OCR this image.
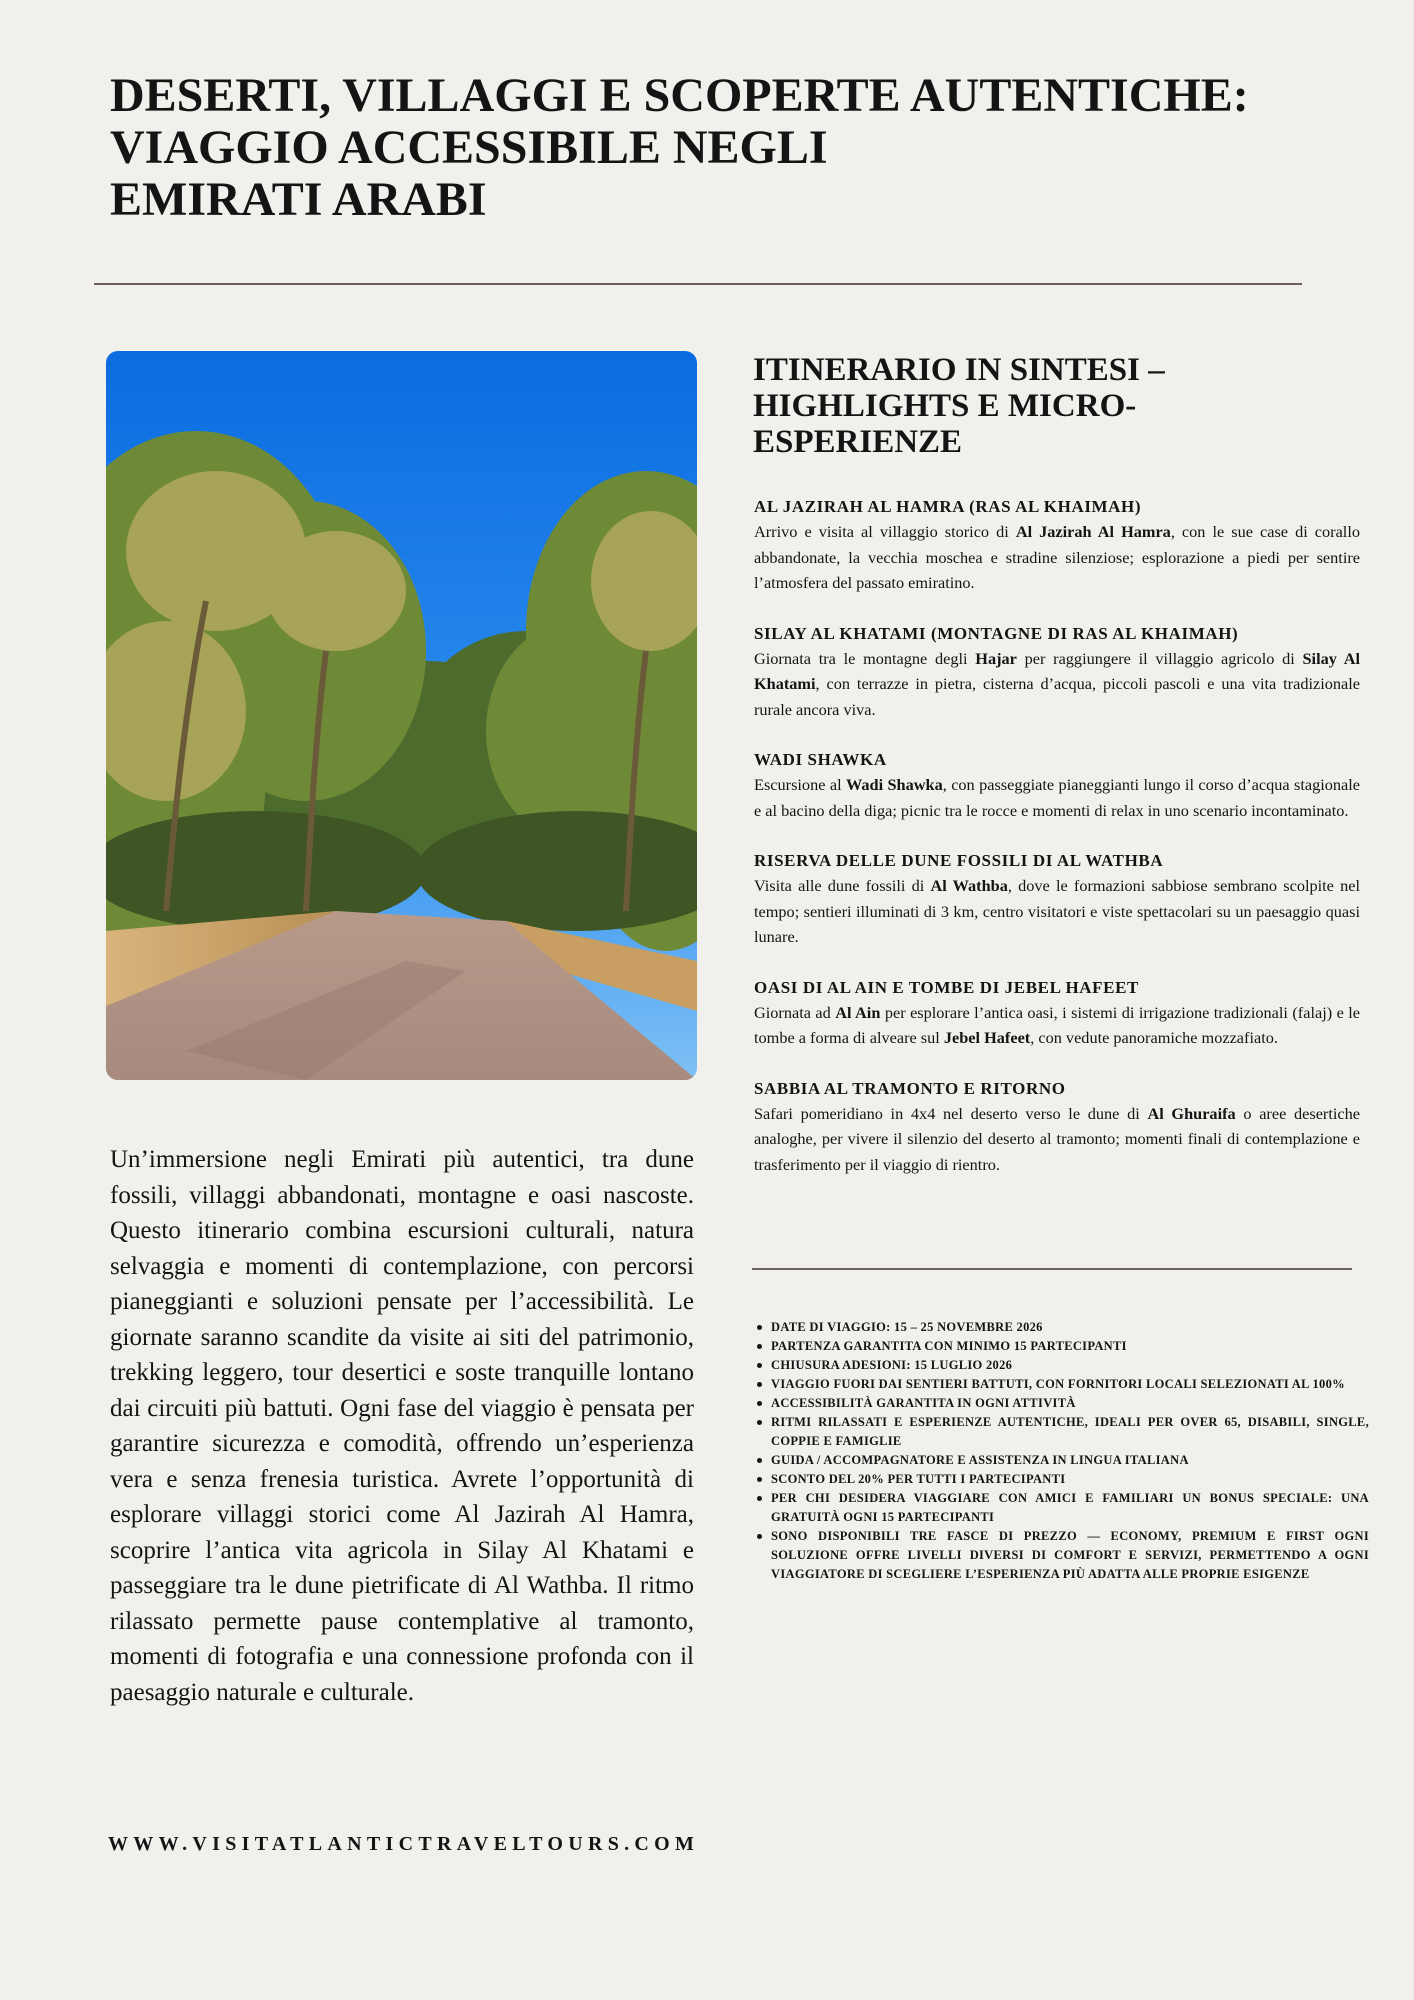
DESERTI, VILLAGGI E SCOPERTE AUTENTICHE:
VIAGGIO ACCESSIBILE NEGLI
EMIRATI ARABI

Un’immersione negli Emirati più autentici, tra dune fossili, villaggi abbandonati, montagne e oasi nascoste. Questo itinerario combina escursioni culturali, natura selvaggia e momenti di contemplazione, con percorsi pianeggianti e soluzioni pensate per l’accessibilità. Le giornate saranno scandite da visite ai siti del patrimonio, trekking leggero, tour desertici e soste tranquille lontano dai circuiti più battuti. Ogni fase del viaggio è pensata per garantire sicurezza e comodità, offrendo un’esperienza vera e senza frenesia turistica. Avrete l’opportunità di esplorare villaggi storici come Al Jazirah Al Hamra, scoprire l’antica vita agricola in Silay Al Khatami e passeggiare tra le dune pietrificate di Al Wathba. Il ritmo rilassato permette pause contemplative al tramonto, momenti di fotografia e una connessione profonda con il paesaggio naturale e culturale.

WWW.VISITATLANTICTRAVELTOURS.COM
ITINERARIO IN SINTESI –
HIGHLIGHTS E MICRO-
ESPERIENZE

AL JAZIRAH AL HAMRA (RAS AL KHAIMAH)

Arrivo e visita al villaggio storico di Al Jazirah Al Hamra, con le sue case di corallo abbandonate, la vecchia moschea e stradine silenziose; esplorazione a piedi per sentire l’atmosfera del passato emiratino.

SILAY AL KHATAMI (MONTAGNE DI RAS AL KHAIMAH)

Giornata tra le montagne degli Hajar per raggiungere il villaggio agricolo di Silay Al Khatami, con terrazze in pietra, cisterna d’acqua, piccoli pascoli e una vita tradizionale rurale ancora viva.

WADI SHAWKA

Escursione al Wadi Shawka, con passeggiate pianeggianti lungo il corso d’acqua stagionale e al bacino della diga; picnic tra le rocce e momenti di relax in uno scenario incontaminato.

RISERVA DELLE DUNE FOSSILI DI AL WATHBA

Visita alle dune fossili di Al Wathba, dove le formazioni sabbiose sembrano scolpite nel tempo; sentieri illuminati di 3 km, centro visitatori e viste spettacolari su un paesaggio quasi lunare.

OASI DI AL AIN E TOMBE DI JEBEL HAFEET

Giornata ad Al Ain per esplorare l’antica oasi, i sistemi di irrigazione tradizionali (falaj) e le tombe a forma di alveare sul Jebel Hafeet, con vedute panoramiche mozzafiato.

SABBIA AL TRAMONTO E RITORNO

Safari pomeridiano in 4x4 nel deserto verso le dune di Al Ghuraifa o aree desertiche analoghe, per vivere il silenzio del deserto al tramonto; momenti finali di contemplazione e trasferimento per il viaggio di rientro.

DATE DI VIAGGIO: 15 – 25 NOVEMBRE 2026
PARTENZA GARANTITA CON MINIMO 15 PARTECIPANTI
CHIUSURA ADESIONI: 15 LUGLIO 2026
VIAGGIO FUORI DAI SENTIERI BATTUTI, CON FORNITORI LOCALI SELEZIONATI AL 100%
ACCESSIBILITÀ GARANTITA IN OGNI ATTIVITÀ
RITMI RILASSATI E ESPERIENZE AUTENTICHE, IDEALI PER OVER 65, DISABILI, SINGLE, COPPIE E FAMIGLIE
GUIDA / ACCOMPAGNATORE E ASSISTENZA IN LINGUA ITALIANA
SCONTO DEL 20% PER TUTTI I PARTECIPANTI
PER CHI DESIDERA VIAGGIARE CON AMICI E FAMILIARI UN BONUS SPECIALE: UNA GRATUITÀ OGNI 15 PARTECIPANTI
SONO DISPONIBILI TRE FASCE DI PREZZO — ECONOMY, PREMIUM E FIRST OGNI SOLUZIONE OFFRE LIVELLI DIVERSI DI COMFORT E SERVIZI, PERMETTENDO A OGNI VIAGGIATORE DI SCEGLIERE L’ESPERIENZA PIÙ ADATTA ALLE PROPRIE ESIGENZE
